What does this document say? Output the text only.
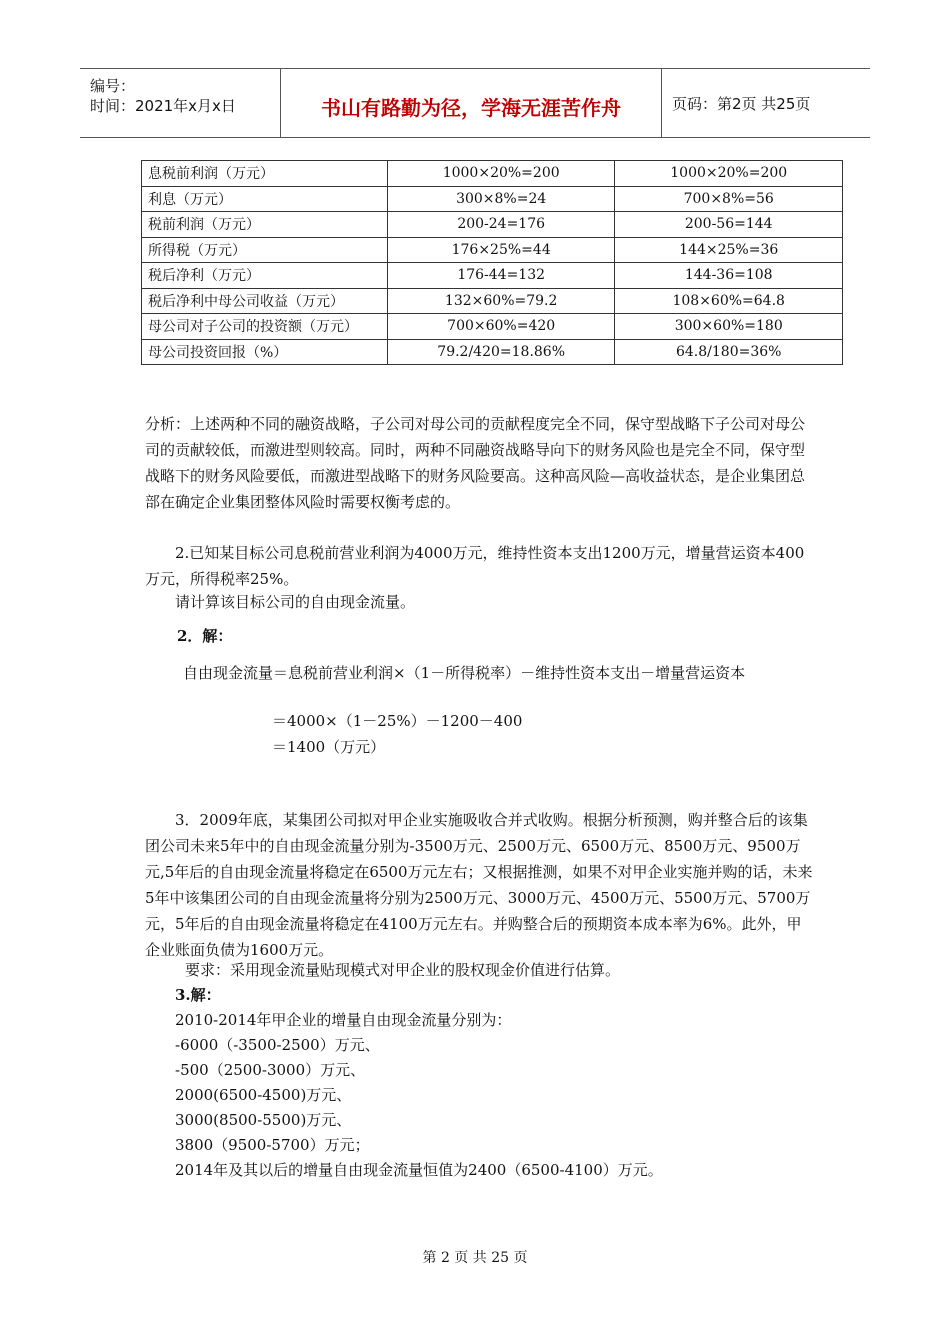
编号：
时间：2021年x月x日	书山有路勤为径，学海无涯苦作舟	页码：第2页 共25页
息税前利润（万元）	1000×20%=200	1000×20%=200
利息（万元）	300×8%=24	700×8%=56
税前利润（万元）	200-24=176	200-56=144
所得税（万元）	176×25%=44	144×25%=36
税后净利（万元）	176-44=132	144-36=108
税后净利中母公司收益（万元）	132×60%=79.2	108×60%=64.8
母公司对子公司的投资额（万元）	700×60%=420	300×60%=180
母公司投资回报（%）	79.2/420=18.86%	64.8/180=36%
分析：上述两种不同的融资战略，子公司对母公司的贡献程度完全不同，保守型战略下子公司对母公司的贡献较低，而激进型则较高。同时，两种不同融资战略导向下的财务风险也是完全不同，保守型战略下的财务风险要低，而激进型战略下的财务风险要高。这种高风险—高收益状态，是企业集团总部在确定企业集团整体风险时需要权衡考虑的。
2.已知某目标公司息税前营业利润为4000万元，维持性资本支出1200万元，增量营运资本400万元，所得税率25%。
请计算该目标公司的自由现金流量。
2．解：
自由现金流量＝息税前营业利润×（1－所得税率）－维持性资本支出－增量营运资本
＝4000×（1－25%）－1200－400
＝1400（万元）
3．2009年底，某集团公司拟对甲企业实施吸收合并式收购。根据分析预测，购并整合后的该集团公司未来5年中的自由现金流量分别为-3500万元、2500万元、6500万元、8500万元、9500万元,5年后的自由现金流量将稳定在6500万元左右；又根据推测，如果不对甲企业实施并购的话，未来5年中该集团公司的自由现金流量将分别为2500万元、3000万元、4500万元、5500万元、5700万元，5年后的自由现金流量将稳定在4100万元左右。并购整合后的预期资本成本率为6%。此外，甲企业账面负债为1600万元。
要求：采用现金流量贴现模式对甲企业的股权现金价值进行估算。
3.解：
2010-2014年甲企业的增量自由现金流量分别为：
-6000（-3500-2500）万元、
-500（2500-3000）万元、
2000(6500-4500)万元、
3000(8500-5500)万元、
3800（9500-5700）万元；
2014年及其以后的增量自由现金流量恒值为2400（6500-4100）万元。
第 2 页 共 25 页
